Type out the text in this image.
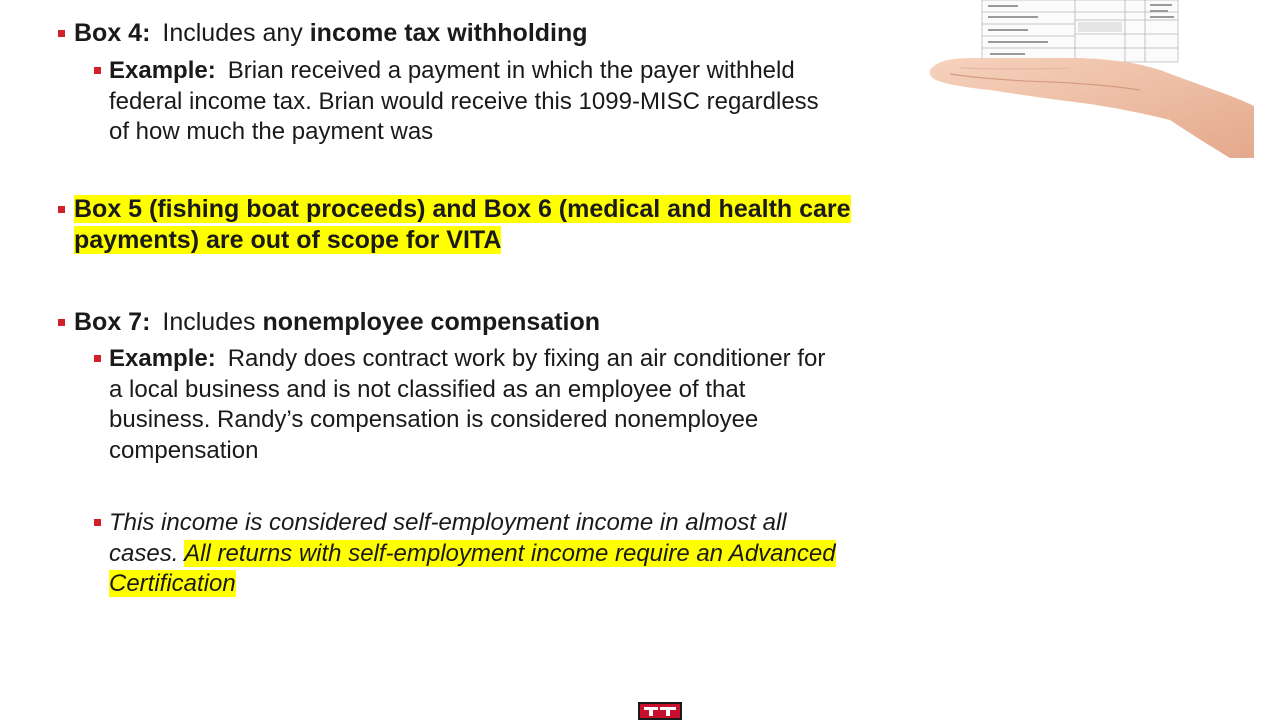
Box 4: Includes any income tax withholding
Example: Brian received a payment in which the payer withheld
federal income tax. Brian would receive this 1099-MISC regardless
of how much the payment was
Box 5 (fishing boat proceeds) and Box 6 (medical and health care
payments) are out of scope for VITA
Box 7: Includes nonemployee compensation
Example: Randy does contract work by fixing an air conditioner for
a local business and is not classified as an employee of that
business. Randy’s compensation is considered nonemployee
compensation
This income is considered self-employment income in almost all
cases. All returns with self-employment income require an Advanced
Certification
